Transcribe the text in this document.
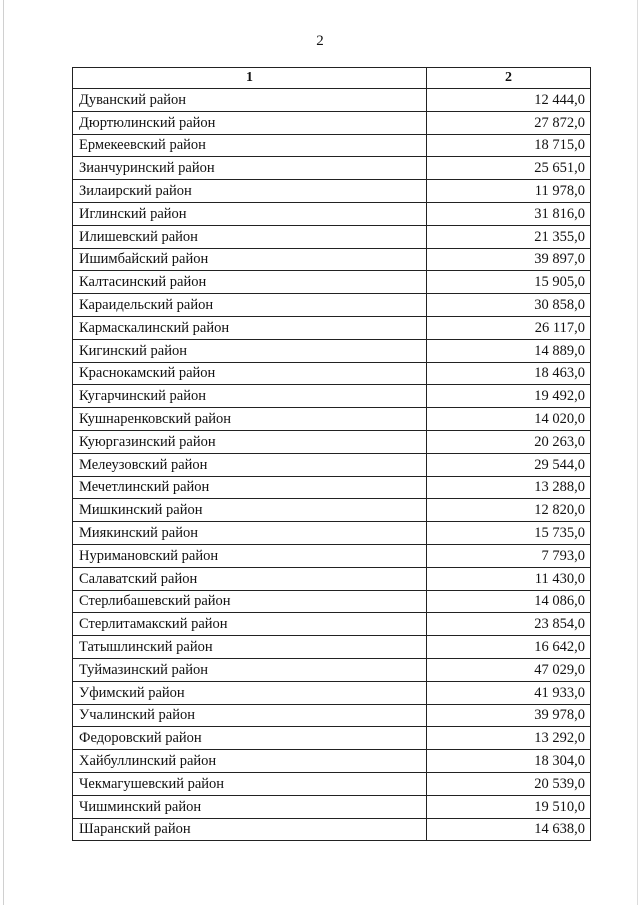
2
1	2
Дуванский район	12 444,0
Дюртюлинский район	27 872,0
Ермекеевский район	18 715,0
Зианчуринский район	25 651,0
Зилаирский район	11 978,0
Иглинский район	31 816,0
Илишевский район	21 355,0
Ишимбайский район	39 897,0
Калтасинский район	15 905,0
Караидельский район	30 858,0
Кармаскалинский район	26 117,0
Кигинский район	14 889,0
Краснокамский район	18 463,0
Кугарчинский район	19 492,0
Кушнаренковский район	14 020,0
Куюргазинский район	20 263,0
Мелеузовский район	29 544,0
Мечетлинский район	13 288,0
Мишкинский район	12 820,0
Миякинский район	15 735,0
Нуримановский район	7 793,0
Салаватский район	11 430,0
Стерлибашевский район	14 086,0
Стерлитамакский район	23 854,0
Татышлинский район	16 642,0
Туймазинский район	47 029,0
Уфимский район	41 933,0
Учалинский район	39 978,0
Федоровский район	13 292,0
Хайбуллинский район	18 304,0
Чекмагушевский район	20 539,0
Чишминский район	19 510,0
Шаранский район	14 638,0
